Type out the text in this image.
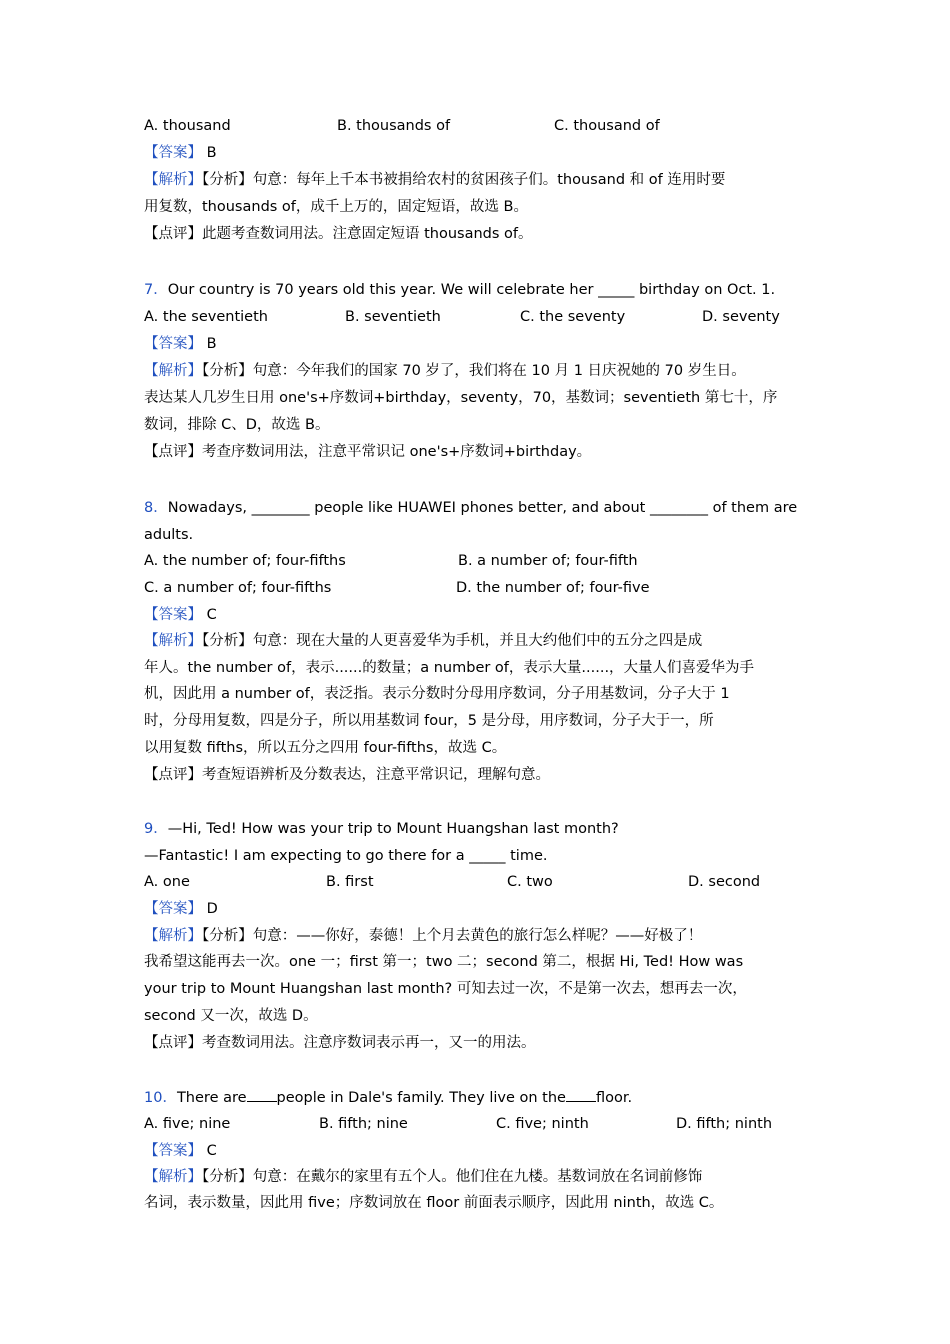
A. thousand	B. thousands of	C. thousand of
【答案】 B
【解析】【分析】句意：每年上千本书被捐给农村的贫困孩子们。thousand 和 of 连用时要
用复数，thousands of，成千上万的，固定短语，故选 B。
【点评】此题考查数词用法。注意固定短语 thousands of。
7．Our country is 70 years old this year. We will celebrate her _____ birthday on Oct. 1.
A. the seventieth	B. seventieth	C. the seventy	D. seventy
【答案】 B
【解析】【分析】句意：今年我们的国家 70 岁了，我们将在 10 月 1 日庆祝她的 70 岁生日。
表达某人几岁生日用 one's+序数词+birthday，seventy，70，基数词；seventieth 第七十，序
数词，排除 C、D，故选 B。
【点评】考查序数词用法，注意平常识记 one's+序数词+birthday。
8．Nowadays, ________ people like HUAWEI phones better, and about ________ of them are
adults.
A. the number of; four-fifths	B. a number of; four-fifth
C. a number of; four-fifths	D. the number of; four-five
【答案】 C
【解析】【分析】句意：现在大量的人更喜爱华为手机，并且大约他们中的五分之四是成
年人。the number of，表示......的数量；a number of，表示大量......，大量人们喜爱华为手
机，因此用 a number of，表泛指。表示分数时分母用序数词，分子用基数词，分子大于 1
时，分母用复数，四是分子，所以用基数词 four，5 是分母，用序数词，分子大于一，所
以用复数 fifths，所以五分之四用 four-fifths，故选 C。
【点评】考查短语辨析及分数表达，注意平常识记，理解句意。
9．—Hi, Ted! How was your trip to Mount Huangshan last month?
—Fantastic! I am expecting to go there for a _____ time.
A. one	B. first	C. two	D. second
【答案】 D
【解析】【分析】句意：——你好，泰德！上个月去黄色的旅行怎么样呢？——好极了！
我希望这能再去一次。one 一；first 第一；two 二；second 第二，根据 Hi, Ted! How was
your trip to Mount Huangshan last month? 可知去过一次，不是第一次去，想再去一次，
second 又一次，故选 D。
【点评】考查数词用法。注意序数词表示再一，又一的用法。
10．There are people in Dale's family. They live on the floor.
A. five; nine	B. fifth; nine	C. five; ninth	D. fifth; ninth
【答案】 C
【解析】【分析】句意：在戴尔的家里有五个人。他们住在九楼。基数词放在名词前修饰
名词，表示数量，因此用 five；序数词放在 floor 前面表示顺序，因此用 ninth，故选 C。
